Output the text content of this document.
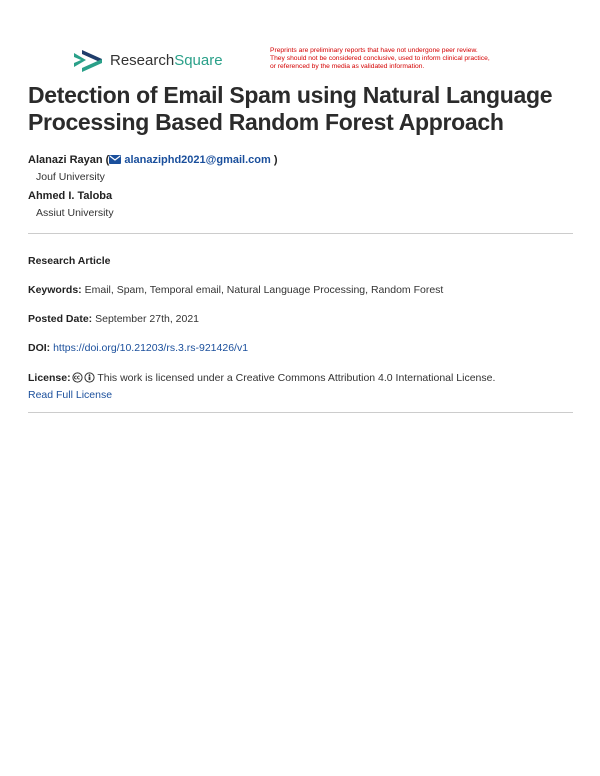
ResearchSquare
Preprints are preliminary reports that have not undergone peer review.
They should not be considered conclusive, used to inform clinical practice,
or referenced by the media as validated information.
Detection of Email Spam using Natural Language
Processing Based Random Forest Approach
Alanazi Rayan ( alanaziphd2021@gmail.com )
Jouf University
Ahmed I. Taloba
Assiut University
Research Article
Keywords: Email, Spam, Temporal email, Natural Language Processing, Random Forest
Posted Date: September 27th, 2021
DOI: https://doi.org/10.21203/rs.3.rs-921426/v1
License:	This work is licensed under a Creative Commons Attribution 4.0 International License.
Read Full License
